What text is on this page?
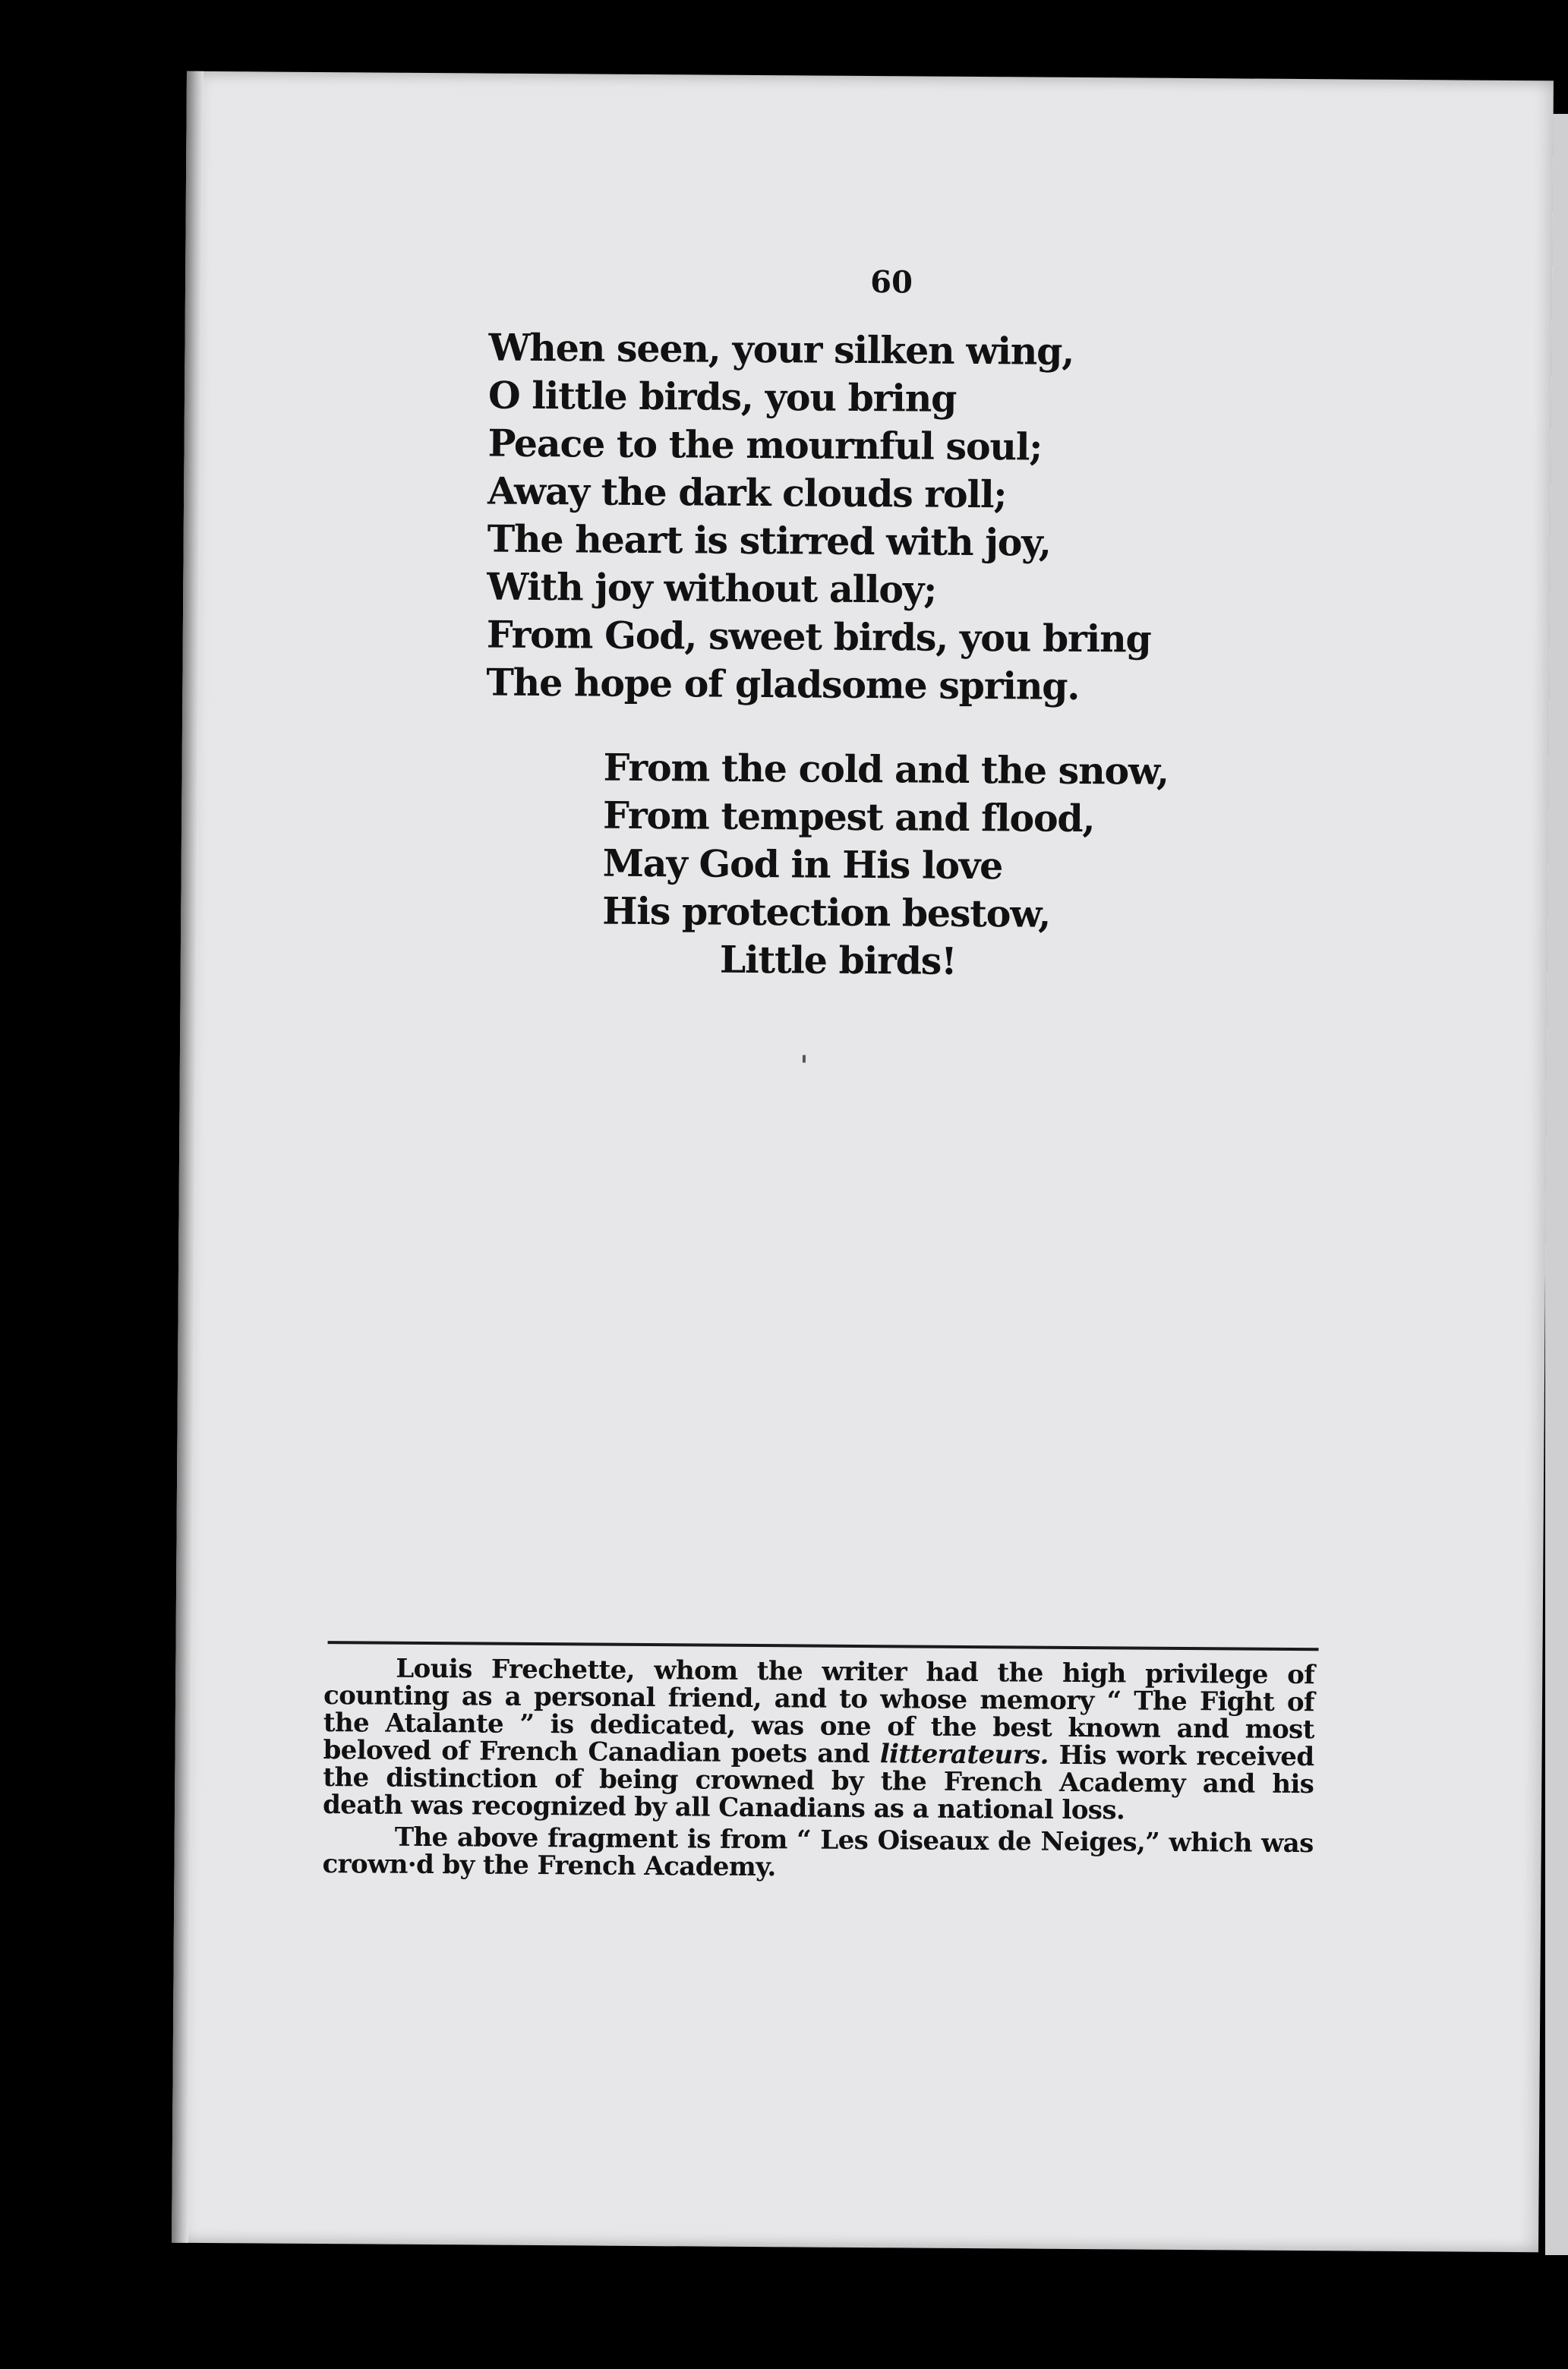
60
When seen, your silken wing,
O little birds, you bring
Peace to the mournful soul;
Away the dark clouds roll;
The heart is stirred with joy,
With joy without alloy;
From God, sweet birds, you bring
The hope of gladsome spring.
From the cold and the snow,
From tempest and flood,
May God in His love
His protection bestow,
Little birds!

Louis Frechette, whom the writer had the high privilege of counting as a personal friend, and to whose memory “ The Fight of the Atalante ” is dedicated, was one of the best known and most beloved of French Canadian poets and litterateurs. His work received the distinction of being crowned by the French Academy and his death was recognized by all Canadians as a national loss.

The above fragment is from “ Les Oiseaux de Neiges,” which was crown·d by the French Academy.
